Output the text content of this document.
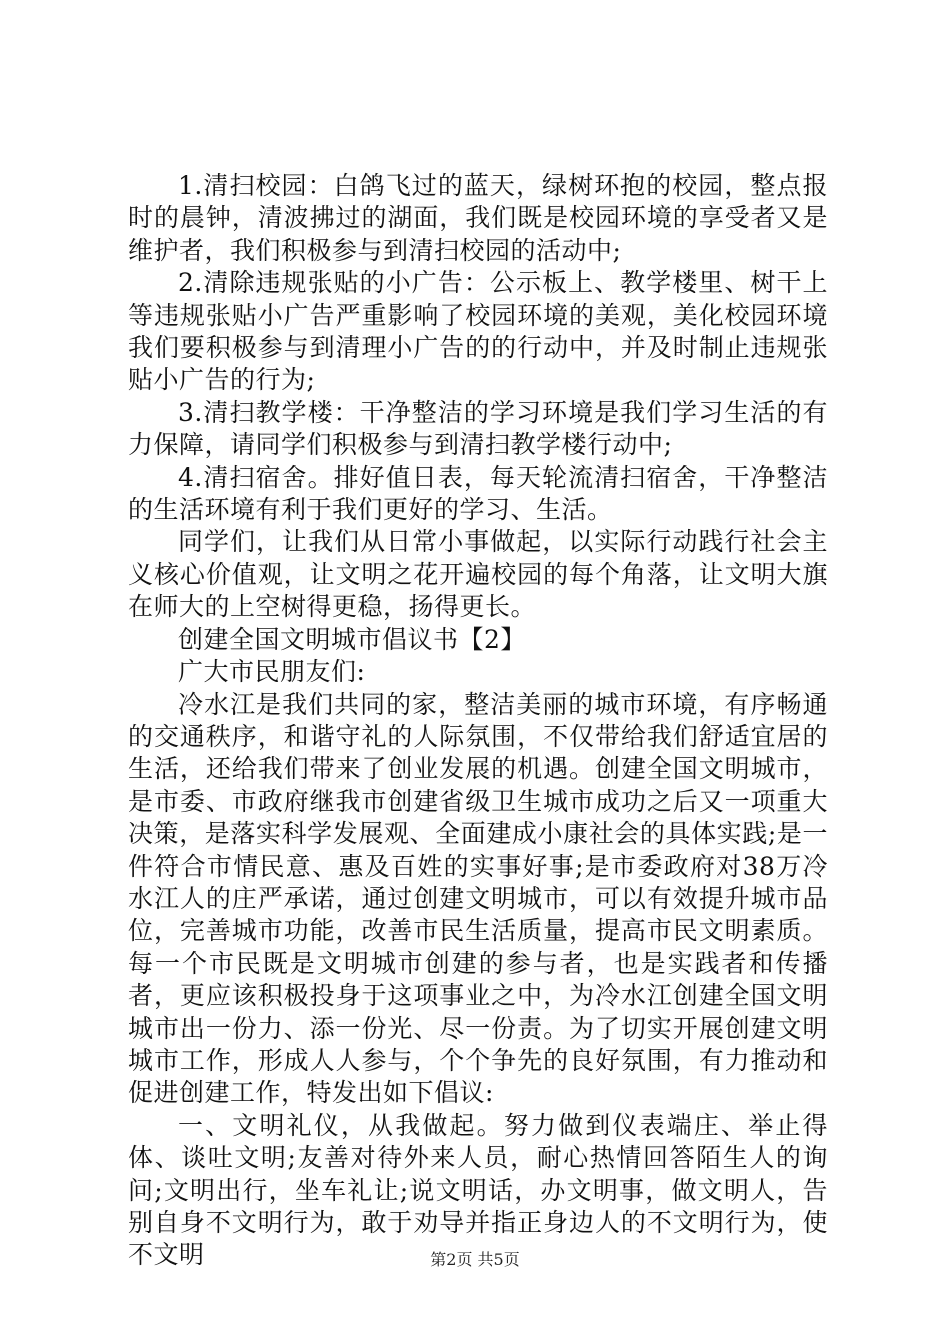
1.清扫校园：白鸽飞过的蓝天，绿树环抱的校园，整点报时的晨钟，清波拂过的湖面，我们既是校园环境的享受者又是维护者，我们积极参与到清扫校园的活动中;

2.清除违规张贴的小广告：公示板上、教学楼里、树干上等违规张贴小广告严重影响了校园环境的美观，美化校园环境我们要积极参与到清理小广告的的行动中，并及时制止违规张贴小广告的行为;

3.清扫教学楼：干净整洁的学习环境是我们学习生活的有力保障，请同学们积极参与到清扫教学楼行动中;

4.清扫宿舍。排好值日表，每天轮流清扫宿舍，干净整洁的生活环境有利于我们更好的学习、生活。

同学们，让我们从日常小事做起，以实际行动践行社会主义核心价值观，让文明之花开遍校园的每个角落，让文明大旗在师大的上空树得更稳，扬得更长。

创建全国文明城市倡议书【2】

广大市民朋友们:

冷水江是我们共同的家，整洁美丽的城市环境，有序畅通的交通秩序，和谐守礼的人际氛围，不仅带给我们舒适宜居的生活，还给我们带来了创业发展的机遇。创建全国文明城市，是市委、市政府继我市创建省级卫生城市成功之后又一项重大决策，是落实科学发展观、全面建成小康社会的具体实践;是一件符合市情民意、惠及百姓的实事好事;是市委政府对38万冷水江人的庄严承诺，通过创建文明城市，可以有效提升城市品位，完善城市功能，改善市民生活质量，提高市民文明素质。每一个市民既是文明城市创建的参与者，也是实践者和传播者，更应该积极投身于这项事业之中，为冷水江创建全国文明城市出一份力、添一份光、尽一份责。为了切实开展创建文明城市工作，形成人人参与，个个争先的良好氛围，有力推动和促进创建工作，特发出如下倡议:

一、文明礼仪，从我做起。努力做到仪表端庄、举止得体、谈吐文明;友善对待外来人员，耐心热情回答陌生人的询问;文明出行，坐车礼让;说文明话，办文明事，做文明人，告别自身不文明行为，敢于劝导并指正身边人的不文明行为，使不文明	第2页 共5页
